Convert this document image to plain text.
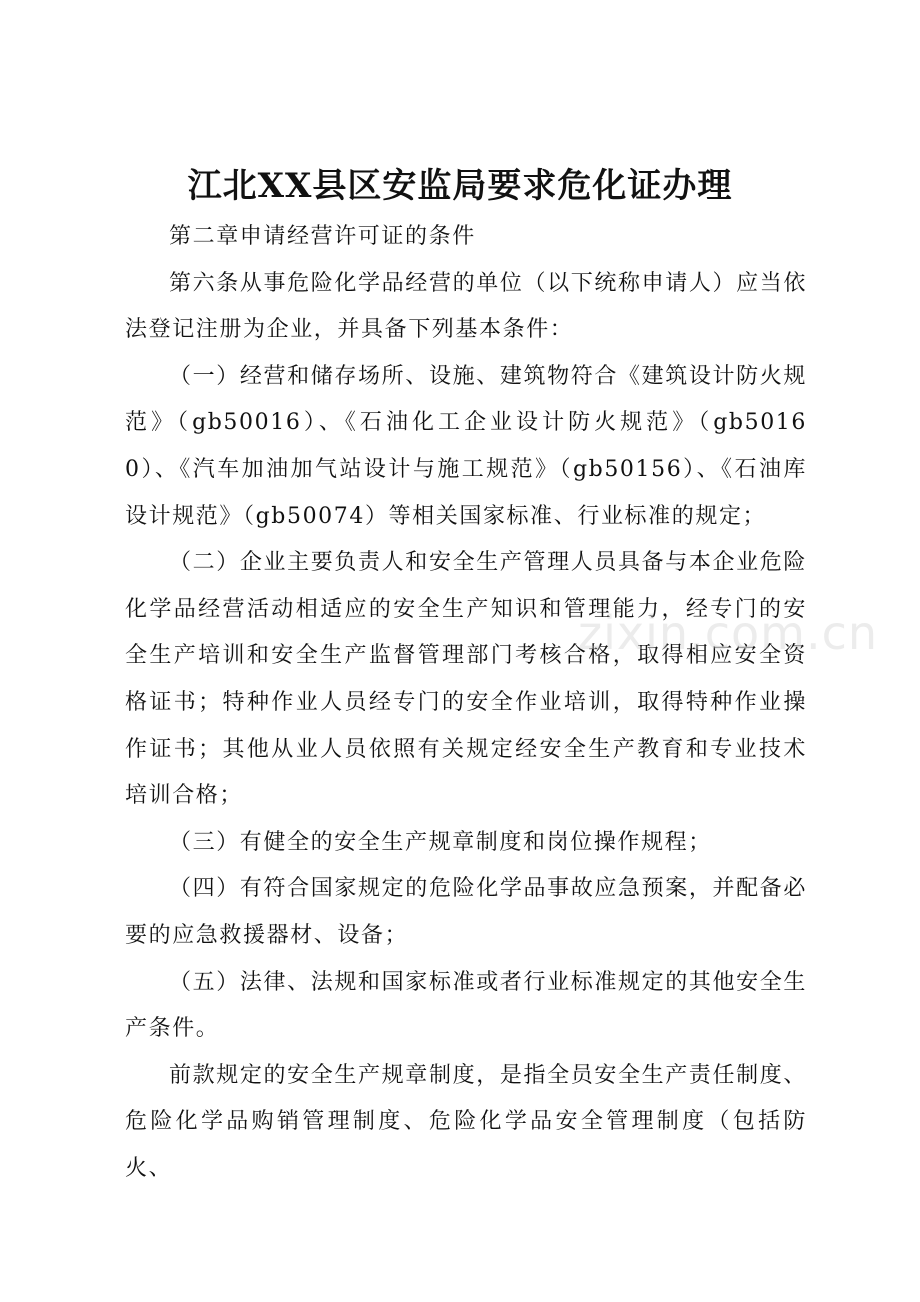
江北XX县区安监局要求危化证办理

第二章申请经营许可证的条件

第六条从事危险化学品经营的单位（以下统称申请人）应当依法登记注册为企业，并具备下列基本条件：

（一）经营和储存场所、设施、建筑物符合《建筑设计防火规范》（gb50016）、《石油化工企业设计防火规范》（gb50160）、《汽车加油加气站设计与施工规范》（gb50156）、《石油库设计规范》（gb50074）等相关国家标准、行业标准的规定；

（二）企业主要负责人和安全生产管理人员具备与本企业危险化学品经营活动相适应的安全生产知识和管理能力，经专门的安全生产培训和安全生产监督管理部门考核合格，取得相应安全资格证书；特种作业人员经专门的安全作业培训，取得特种作业操作证书；其他从业人员依照有关规定经安全生产教育和专业技术培训合格；

（三）有健全的安全生产规章制度和岗位操作规程；

（四）有符合国家规定的危险化学品事故应急预案，并配备必要的应急救援器材、设备；

（五）法律、法规和国家标准或者行业标准规定的其他安全生产条件。

前款规定的安全生产规章制度，是指全员安全生产责任制度、危险化学品购销管理制度、危险化学品安全管理制度（包括防火、

zixin.com.cn
